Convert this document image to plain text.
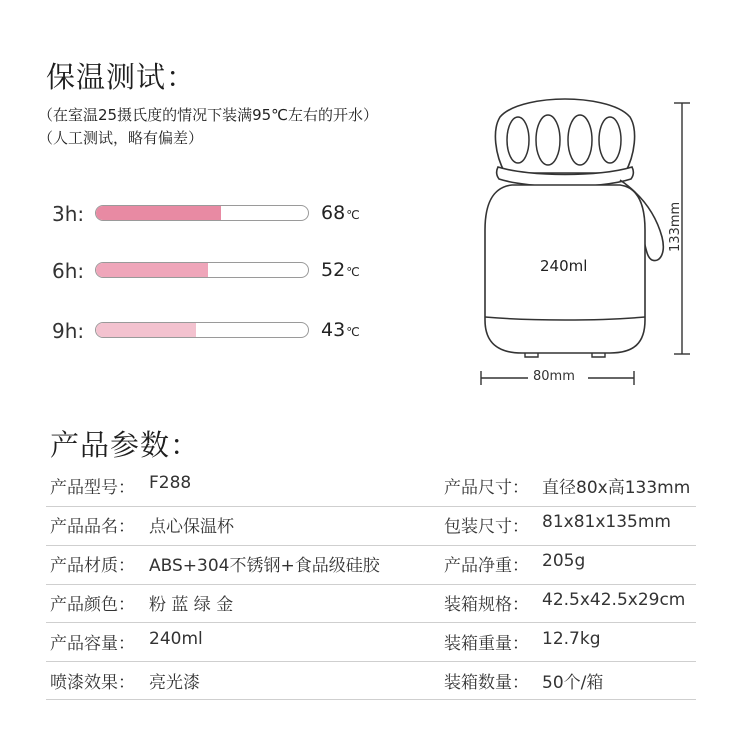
保温测试：
（在室温25摄氏度的情况下装满95℃左右的开水）
（人工测试，略有偏差）
3h:	68℃
6h:	52℃
9h:	43℃
240ml
80mm
133mm
产品参数：
产品型号： F288	产品尺寸： 直径80x高133mm
产品品名： 点心保温杯	包装尺寸： 81x81x135mm
产品材质： ABS+304不锈钢+食品级硅胶	产品净重： 205g
产品颜色： 粉 蓝 绿 金	装箱规格： 42.5x42.5x29cm
产品容量： 240ml	装箱重量： 12.7kg
喷漆效果： 亮光漆	装箱数量： 50个/箱
